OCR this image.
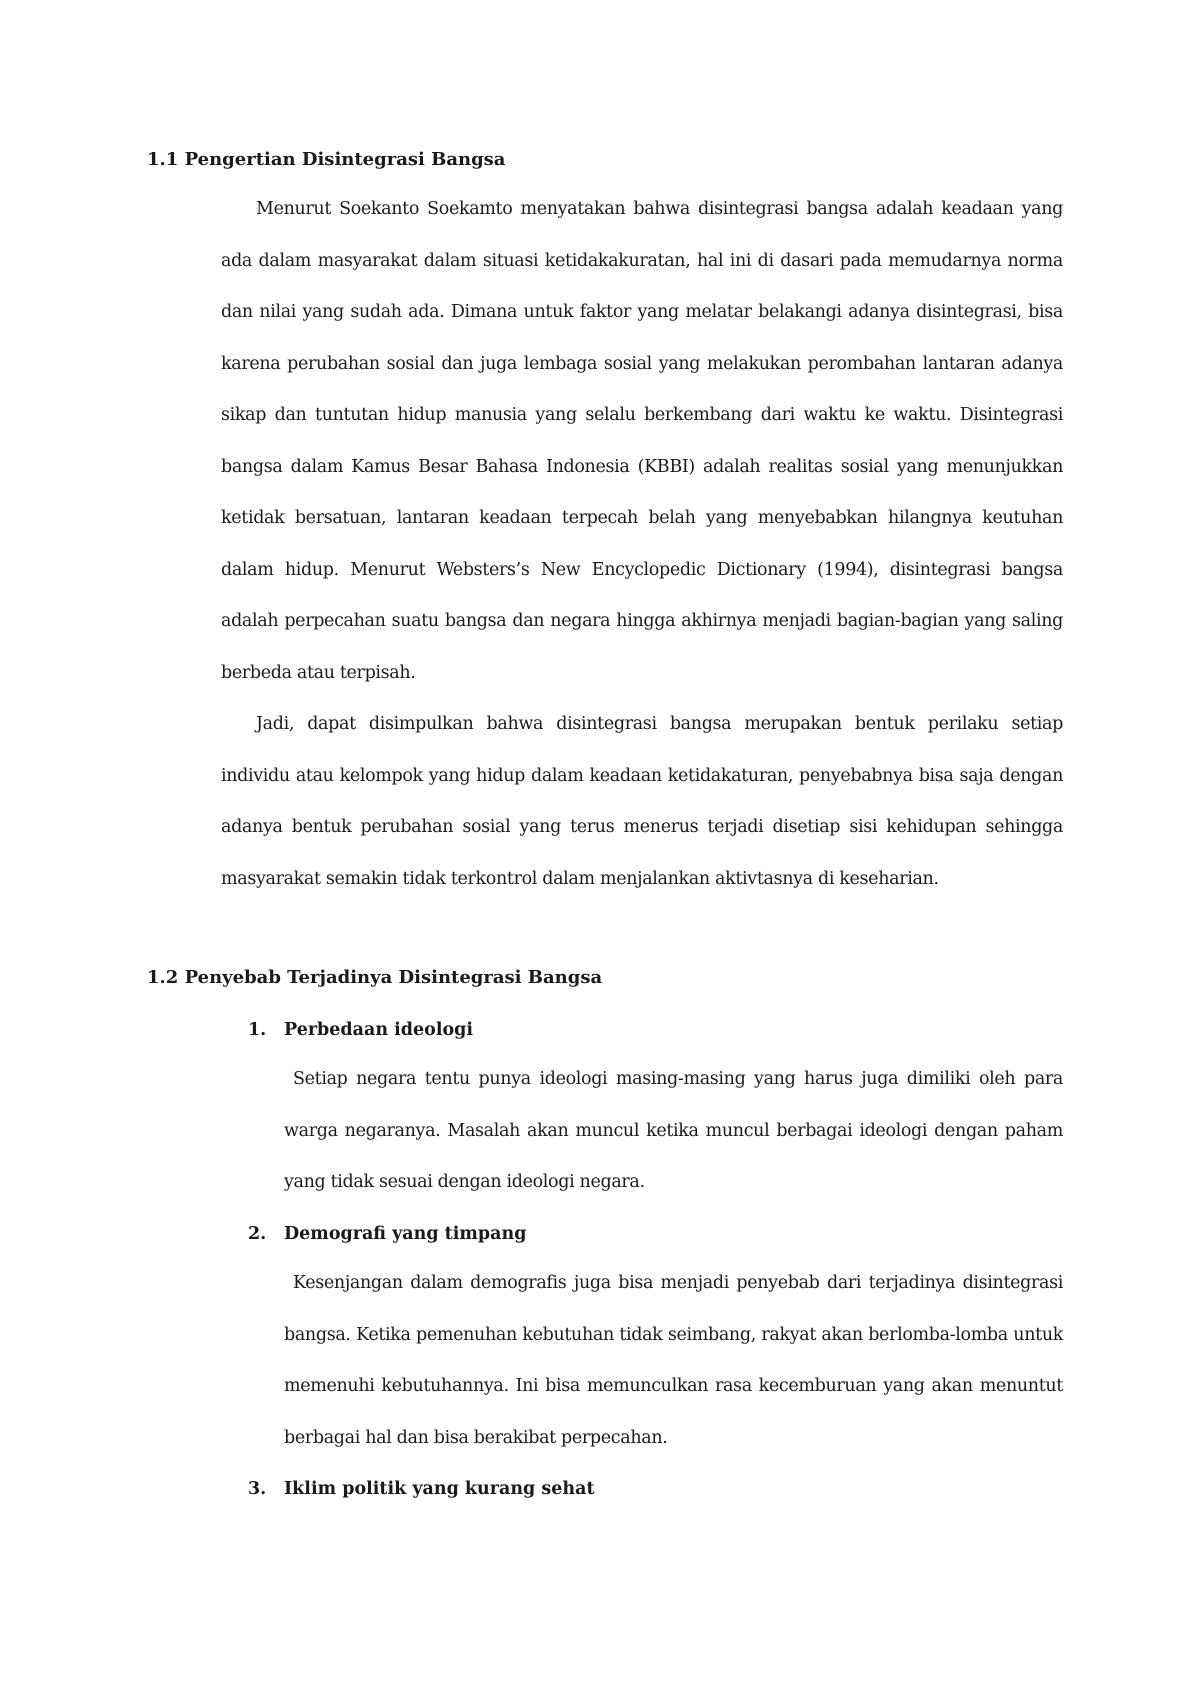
1.1 Pengertian Disintegrasi Bangsa

Menurut Soekanto Soekamto menyatakan bahwa disintegrasi bangsa adalah keadaan yang ada dalam masyarakat dalam situasi ketidakakuratan, hal ini di dasari pada memudarnya norma dan nilai yang sudah ada. Dimana untuk faktor yang melatar belakangi adanya disintegrasi, bisa karena perubahan sosial dan juga lembaga sosial yang melakukan perombahan lantaran adanya sikap dan tuntutan hidup manusia yang selalu berkembang dari waktu ke waktu. Disintegrasi bangsa dalam Kamus Besar Bahasa Indonesia (KBBI) adalah realitas sosial yang menunjukkan ketidak bersatuan, lantaran keadaan terpecah belah yang menyebabkan hilangnya keutuhan dalam hidup. Menurut Websters’s New Encyclopedic Dictionary (1994), disintegrasi bangsa adalah perpecahan suatu bangsa dan negara hingga akhirnya menjadi bagian-bagian yang saling berbeda atau terpisah.

Jadi, dapat disimpulkan bahwa disintegrasi bangsa merupakan bentuk perilaku setiap individu atau kelompok yang hidup dalam keadaan ketidakaturan, penyebabnya bisa saja dengan adanya bentuk perubahan sosial yang terus menerus terjadi disetiap sisi kehidupan sehingga masyarakat semakin tidak terkontrol dalam menjalankan aktivtasnya di keseharian.

1.2 Penyebab Terjadinya Disintegrasi Bangsa
1. Perbedaan ideologi

Setiap negara tentu punya ideologi masing-masing yang harus juga dimiliki oleh para warga negaranya. Masalah akan muncul ketika muncul berbagai ideologi dengan paham yang tidak sesuai dengan ideologi negara.

2. Demografi yang timpang

Kesenjangan dalam demografis juga bisa menjadi penyebab dari terjadinya disintegrasi bangsa. Ketika pemenuhan kebutuhan tidak seimbang, rakyat akan berlomba-lomba untuk memenuhi kebutuhannya. Ini bisa memunculkan rasa kecemburuan yang akan menuntut berbagai hal dan bisa berakibat perpecahan.

3. Iklim politik yang kurang sehat
